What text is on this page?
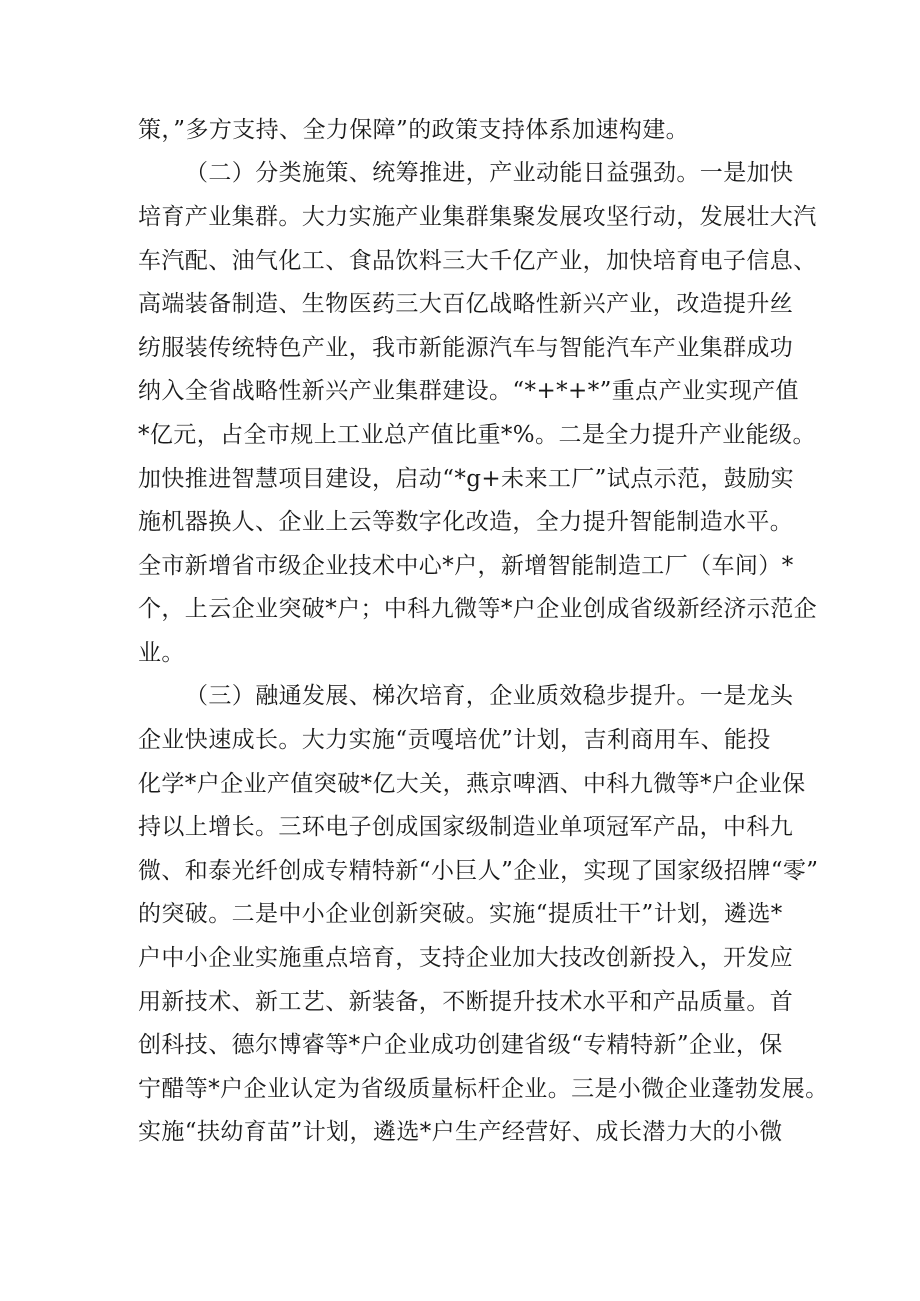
策，”多方支持、全力保障”的政策支持体系加速构建。
（二）分类施策、统筹推进，产业动能日益强劲。一是加快
培育产业集群。大力实施产业集群集聚发展攻坚行动，发展壮大汽
车汽配、油气化工、食品饮料三大千亿产业，加快培育电子信息、
高端装备制造、生物医药三大百亿战略性新兴产业，改造提升丝
纺服装传统特色产业，我市新能源汽车与智能汽车产业集群成功
纳入全省战略性新兴产业集群建设。“*+*+*”重点产业实现产值
*亿元，占全市规上工业总产值比重*%。二是全力提升产业能级。
加快推进智慧项目建设，启动“*g+未来工厂”试点示范，鼓励实
施机器换人、企业上云等数字化改造，全力提升智能制造水平。
全市新增省市级企业技术中心*户，新增智能制造工厂（车间）*
个，上云企业突破*户；中科九微等*户企业创成省级新经济示范企
业。
（三）融通发展、梯次培育，企业质效稳步提升。一是龙头
企业快速成长。大力实施“贡嘎培优”计划，吉利商用车、能投
化学*户企业产值突破*亿大关，燕京啤酒、中科九微等*户企业保
持以上增长。三环电子创成国家级制造业单项冠军产品，中科九
微、和泰光纤创成专精特新“小巨人”企业，实现了国家级招牌“零”
的突破。二是中小企业创新突破。实施“提质壮干”计划，遴选*
户中小企业实施重点培育，支持企业加大技改创新投入，开发应
用新技术、新工艺、新装备，不断提升技术水平和产品质量。首
创科技、德尔博睿等*户企业成功创建省级“专精特新”企业，保
宁醋等*户企业认定为省级质量标杆企业。三是小微企业蓬勃发展。
实施“扶幼育苗”计划，遴选*户生产经营好、成长潜力大的小微
